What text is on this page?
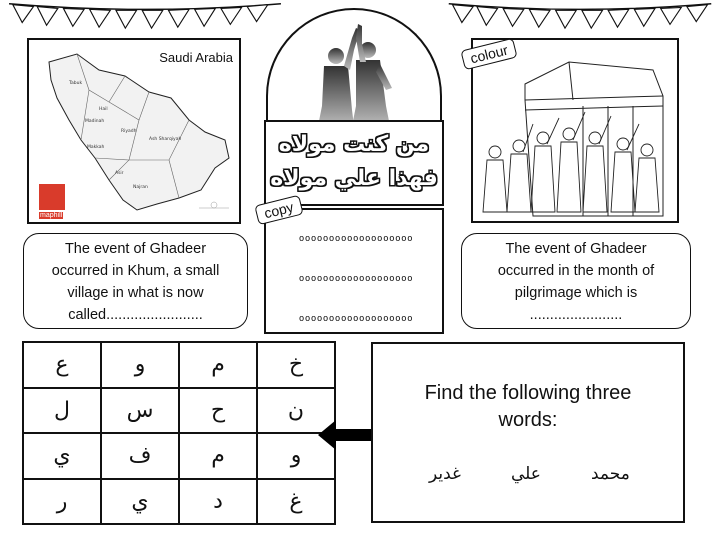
Tabuk
Hail
Riyadh
Makkah
Ash Sharqiyah
Asir
Najran
Madinah
Saudi Arabia
maphill
من كنت مولاه
فهذا علي مولاه
ooooooooooooooooooo
ooooooooooooooooooo
ooooooooooooooooooo
copy
colour
The event of Ghadeer
occurred in Khum, a small
village in what is now
called........................
The event of Ghadeer
occurred in the month of
pilgrimage which is
.......................
ع	و	م	خ
ل	س	ح	ن
ي	ف	م	و
ر	ي	د	غ
Find the following three
words:
غدير	علي	محمد
